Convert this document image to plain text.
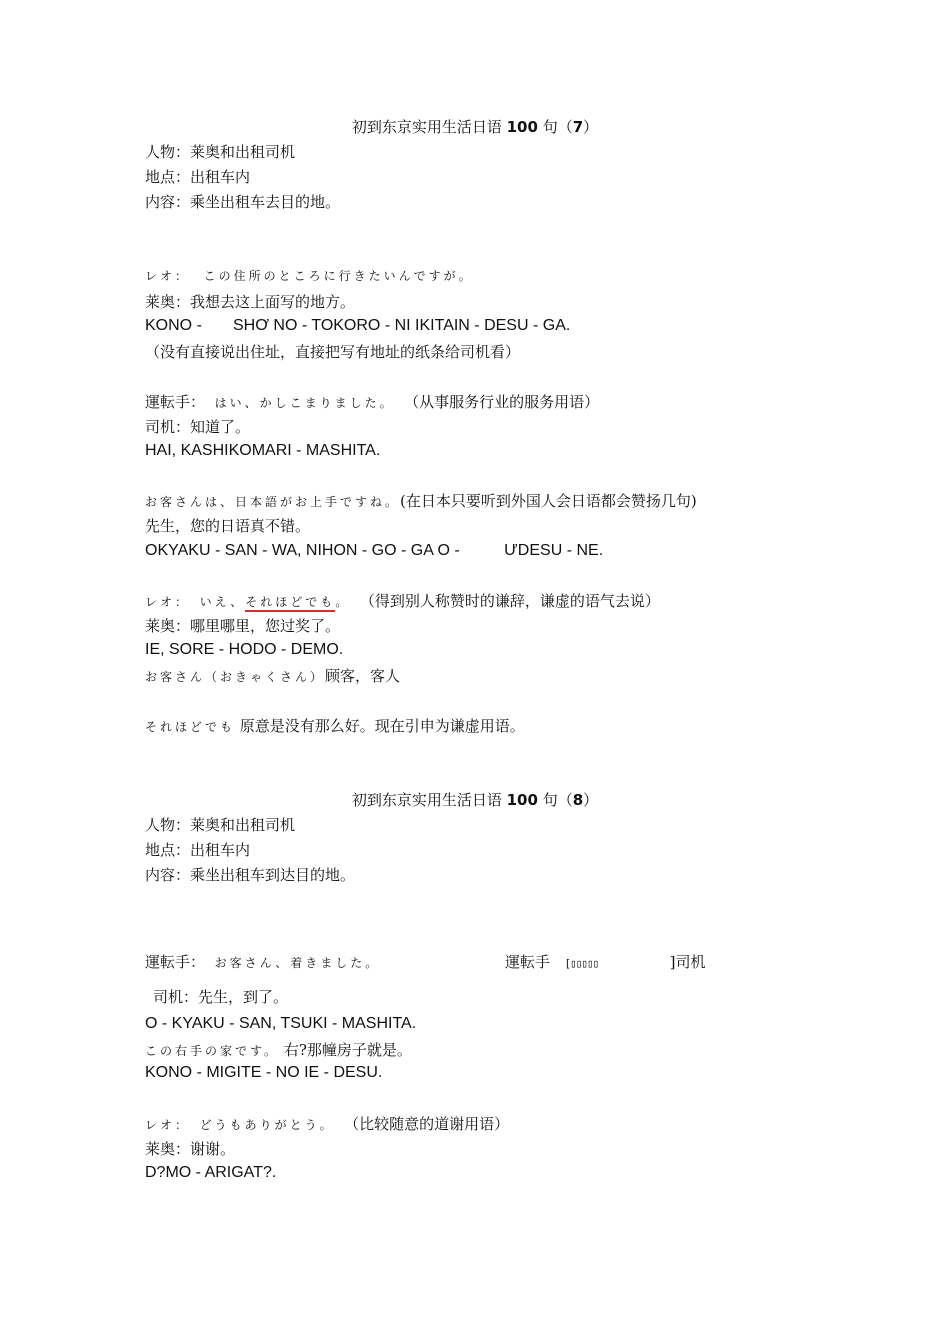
初到东京实用生活日语 100 句（7）
人物：莱奥和出租司机
地点：出租车内
内容：乘坐出租车去目的地。
レオ： この住所のところに行きたいんですが。
莱奥：我想去这上面写的地方。
KONO -       SHƠ NO - TOKORO - NI IKITAIN - DESU - GA.
（没有直接说出住址，直接把写有地址的纸条给司机看）
運転手： はい、かしこまりました。 （从事服务行业的服务用语）
司机：知道了。
HAI, KASHIKOMARI - MASHITA.
お客さんは、日本語がお上手ですね。(在日本只要听到外国人会日语都会赞扬几句)
先生，您的日语真不错。
OKYAKU - SAN - WA, NIHON - GO - GA O -          ƯDESU - NE.
レオ： いえ、それほどでも。 （得到别人称赞时的谦辞，谦虚的语气去说）
莱奥：哪里哪里，您过奖了。
IE, SORE - HODO - DEMO.
お客さん（おきゃくさん）顾客，客人
それほどでも 原意是没有那么好。现在引申为谦虚用语。
初到东京实用生活日语 100 句（8）
人物：莱奥和出租司机
地点：出租车内
内容：乘坐出租车到达目的地。
運転手： お客さん、着きました。	運転手 [▯▯▯▯▯	]司机
司机：先生，到了。
O - KYAKU - SAN, TSUKI - MASHITA.
この右手の家です。 右?那幢房子就是。
KONO - MIGITE - NO IE - DESU.
レオ： どうもありがとう。 （比较随意的道谢用语）
莱奥：谢谢。
D?MO - ARIGAT?.
